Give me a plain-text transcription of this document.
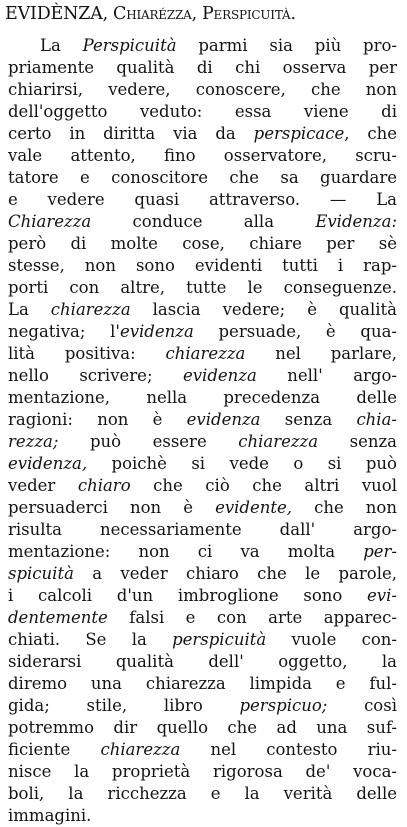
EVIDÈNZA, Chiarézza, Perspicuità.
La Perspicuità parmi sia più pro-
priamente qualità di chi osserva per
chiarirsi, vedere, conoscere, che non
dell'oggetto veduto: essa viene di
certo in diritta via da perspicace, che
vale attento, fino osservatore, scru-
tatore e conoscitore che sa guardare
e vedere quasi attraverso. — La
Chiarezza conduce alla Evidenza:
però di molte cose, chiare per sè
stesse, non sono evidenti tutti i rap-
porti con altre, tutte le conseguenze.
La chiarezza lascia vedere; è qualità
negativa; l'evidenza persuade, è qua-
lità positiva: chiarezza nel parlare,
nello scrivere; evidenza nell' argo-
mentazione, nella precedenza delle
ragioni: non è evidenza senza chia-
rezza; può essere chiarezza senza
evidenza, poichè si vede o si può
veder chiaro che ciò che altri vuol
persuaderci non è evidente, che non
risulta necessariamente dall' argo-
mentazione: non ci va molta per-
spicuità a veder chiaro che le parole,
i calcoli d'un imbroglione sono evi-
dentemente falsi e con arte apparec-
chiati. Se la perspicuità vuole con-
siderarsi qualità dell' oggetto, la
diremo una chiarezza limpida e ful-
gida; stile, libro perspicuo; così
potremmo dir quello che ad una suf-
ficiente chiarezza nel contesto riu-
nisce la proprietà rigorosa de' voca-
boli, la ricchezza e la verità delle
immagini.
